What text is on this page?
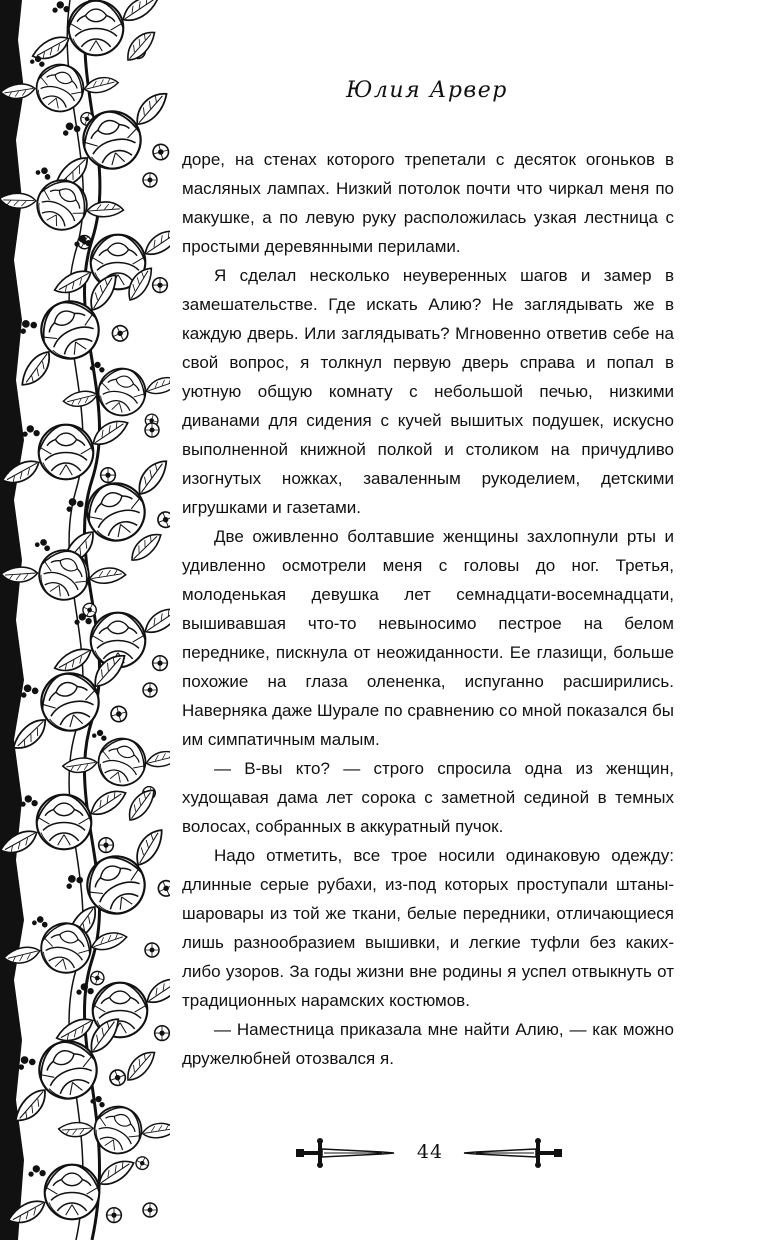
Юлия Арвер

доре, на стенах которого трепетали с десяток огоньков в масляных лампах. Низкий потолок почти что чиркал меня по макушке, а по левую руку расположилась узкая лестница с простыми деревянными перилами.

Я сделал несколько неуверенных шагов и замер в замешательстве. Где искать Алию? Не заглядывать же в каждую дверь. Или заглядывать? Мгновенно ответив себе на свой вопрос, я толкнул первую дверь справа и попал в уютную общую комнату с небольшой печью, низкими диванами для сидения с кучей вышитых подушек, искусно выполненной книжной полкой и столиком на причудливо изогнутых ножках, заваленным рукоделием, детскими игрушками и газетами.

Две оживленно болтавшие женщины захлопнули рты и удивленно осмотрели меня с головы до ног. Третья, молоденькая девушка лет семнадцати-восемнадцати, вышивавшая что-то невыносимо пестрое на белом переднике, пискнула от неожиданности. Ее глазищи, больше похожие на глаза олененка, испуганно расширились. Наверняка даже Шурале по сравнению со мной показался бы им симпатичным малым.

— В-вы кто? — строго спросила одна из женщин, худощавая дама лет сорока с заметной сединой в темных волосах, собранных в аккуратный пучок.

Надо отметить, все трое носили одинаковую одежду: длинные серые рубахи, из-под которых проступали штаны-шаровары из той же ткани, белые передники, отличающиеся лишь разнообразием вышивки, и легкие туфли без каких-либо узоров. За годы жизни вне родины я успел отвыкнуть от традиционных нарамских костюмов.

— Наместница приказала мне найти Алию, — как можно дружелюбней отозвался я.

44
